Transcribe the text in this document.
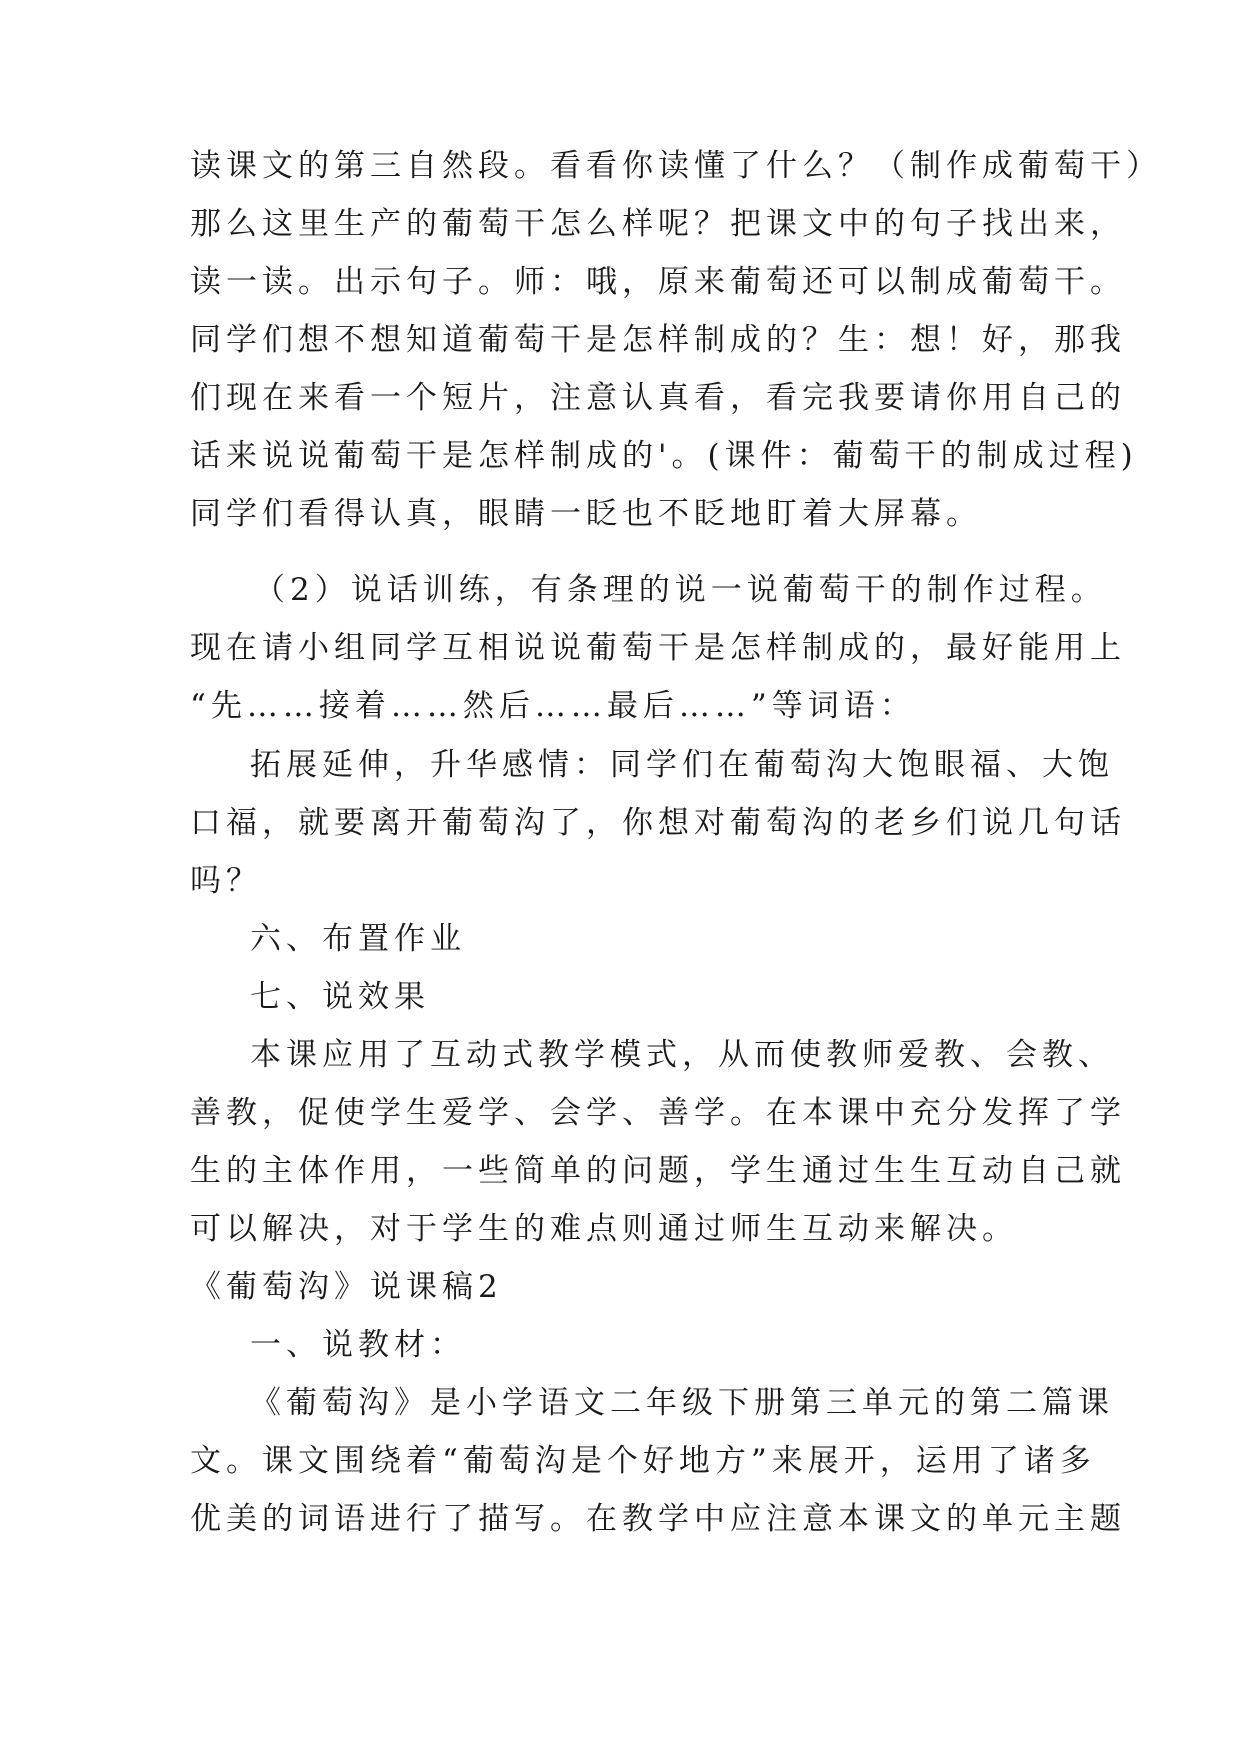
读课文的第三自然段。看看你读懂了什么？（制作成葡萄干）
那么这里生产的葡萄干怎么样呢？把课文中的句子找出来，
读一读。出示句子。师：哦，原来葡萄还可以制成葡萄干。
同学们想不想知道葡萄干是怎样制成的？生：想！好，那我
们现在来看一个短片，注意认真看，看完我要请你用自己的
话来说说葡萄干是怎样制成的'。(课件：葡萄干的制成过程)
同学们看得认真，眼睛一眨也不眨地盯着大屏幕。
（2）说话训练，有条理的说一说葡萄干的制作过程。
现在请小组同学互相说说葡萄干是怎样制成的，最好能用上
“先……接着……然后……最后……”等词语：
拓展延伸，升华感情：同学们在葡萄沟大饱眼福、大饱
口福，就要离开葡萄沟了，你想对葡萄沟的老乡们说几句话
吗？
六、布置作业
七、说效果
本课应用了互动式教学模式，从而使教师爱教、会教、
善教，促使学生爱学、会学、善学。在本课中充分发挥了学
生的主体作用，一些简单的问题，学生通过生生互动自己就
可以解决，对于学生的难点则通过师生互动来解决。
《葡萄沟》说课稿2
一、说教材：
《葡萄沟》是小学语文二年级下册第三单元的第二篇课
文。课文围绕着“葡萄沟是个好地方”来展开，运用了诸多
优美的词语进行了描写。在教学中应注意本课文的单元主题
